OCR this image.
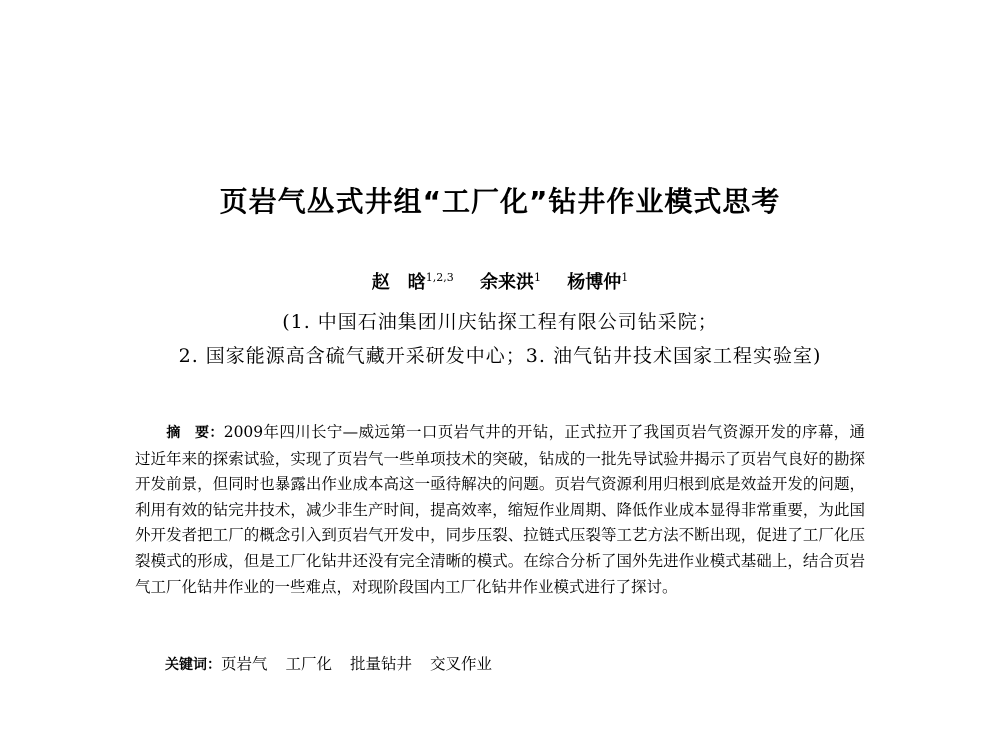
页岩气丛式井组“工厂化”钻井作业模式思考
赵　晗$^{1,2,3}$ 余来洪$^1$ 杨博仲$^1$
(1. 中国石油集团川庆钻探工程有限公司钻采院；
2. 国家能源高含硫气藏开采研发中心；3. 油气钻井技术国家工程实验室)
摘　要：2009年四川长宁—威远第一口页岩气井的开钻，正式拉开了我国页岩气资源开发的序幕，通过近年来的探索试验，实现了页岩气一些单项技术的突破，钻成的一批先导试验井揭示了页岩气良好的勘探开发前景，但同时也暴露出作业成本高这一亟待解决的问题。页岩气资源利用归根到底是效益开发的问题，利用有效的钻完井技术，减少非生产时间，提高效率，缩短作业周期、降低作业成本显得非常重要，为此国外开发者把工厂的概念引入到页岩气开发中，同步压裂、拉链式压裂等工艺方法不断出现，促进了工厂化压裂模式的形成，但是工厂化钻井还没有完全清晰的模式。在综合分析了国外先进作业模式基础上，结合页岩气工厂化钻井作业的一些难点，对现阶段国内工厂化钻井作业模式进行了探讨。
关键词：页岩气 工厂化 批量钻井 交叉作业
